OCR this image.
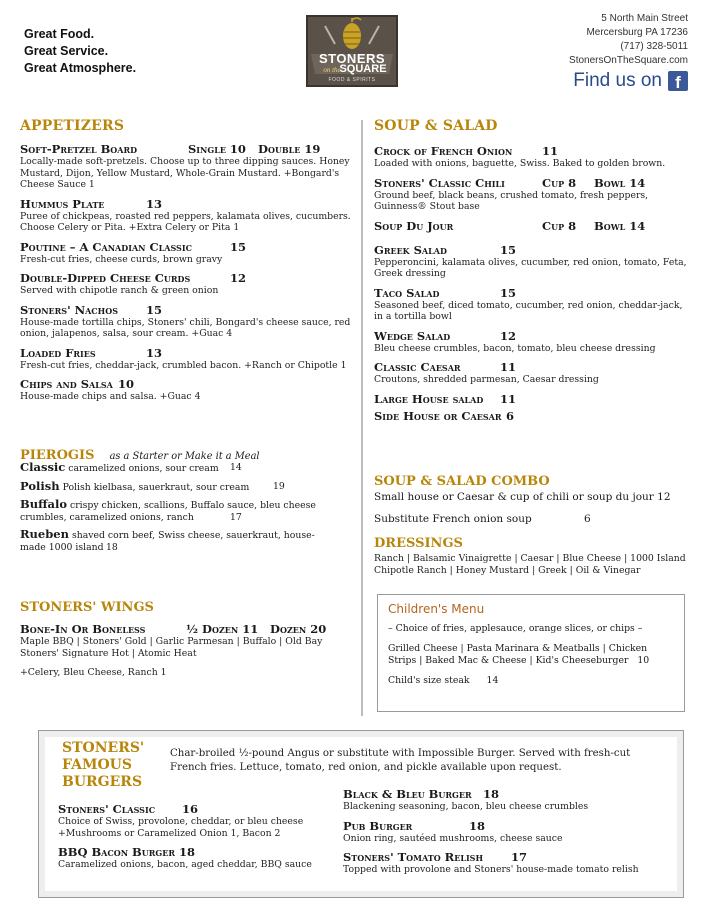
Great Food.
Great Service.
Great Atmosphere.
STONERS
on the
SQUARE
FOOD & SPIRITS
5 North Main Street
Mercersburg PA 17236
(717) 328-5011
StonersOnTheSquare.com
Find us on f
APPETIZERS
Soft-Pretzel Board	Single 10 Double 19
Locally-made soft-pretzels. Choose up to three dipping sauces. Honey Mustard, Dijon, Yellow Mustard, Whole-Grain Mustard. +Bongard's Cheese Sauce 1
Hummus Plate	13
Puree of chickpeas, roasted red peppers, kalamata olives, cucumbers. Choose Celery or Pita. +Extra Celery or Pita 1
Poutine – A Canadian Classic	15
Fresh-cut fries, cheese curds, brown gravy
Double-Dipped Cheese Curds	12
Served with chipotle ranch & green onion
Stoners' Nachos 15
House-made tortilla chips, Stoners' chili, Bongard's cheese sauce, red onion, jalapenos, salsa, sour cream. +Guac 4
Loaded Fries	13
Fresh-cut fries, cheddar-jack, crumbled bacon. +Ranch or Chipotle 1
Chips and Salsa 10
House-made chips and salsa. +Guac 4
PIEROGIS as a Starter or Make it a Meal
Classic caramelized onions, sour cream 14
Polish Polish kielbasa, sauerkraut, sour cream	19
Buffalo crispy chicken, scallions, Buffalo sauce, bleu cheese crumbles, caramelized onions, ranch	17
Rueben shaved corn beef, Swiss cheese, sauerkraut, house-made 1000 island 18
STONERS' WINGS
Bone-In Or Boneless	½ Dozen 11 Dozen 20
Maple BBQ | Stoners' Gold | Garlic Parmesan | Buffalo | Old Bay Stoners' Signature Hot | Atomic Heat
+Celery, Bleu Cheese, Ranch 1
SOUP & SALAD
Crock of French Onion	11
Loaded with onions, baguette, Swiss. Baked to golden brown.
Stoners' Classic Chili	Cup 8 Bowl 14
Ground beef, black beans, crushed tomato, fresh peppers, Guinness® Stout base
Soup Du Jour	Cup 8 Bowl 14
Greek Salad	15
Pepperoncini, kalamata olives, cucumber, red onion, tomato, Feta, Greek dressing
Taco Salad	15
Seasoned beef, diced tomato, cucumber, red onion, cheddar-jack, in a tortilla bowl
Wedge Salad	12
Bleu cheese crumbles, bacon, tomato, bleu cheese dressing
Classic Caesar	11
Croutons, shredded parmesan, Caesar dressing
Large House salad 11
Side House or Caesar 6
SOUP & SALAD COMBO
Small house or Caesar & cup of chili or soup du jour 12
Substitute French onion soup	6
DRESSINGS
Ranch | Balsamic Vinaigrette | Caesar | Blue Cheese | 1000 Island Chipotle Ranch | Honey Mustard | Greek | Oil & Vinegar
Children's Menu
– Choice of fries, applesauce, orange slices, or chips –
Grilled Cheese | Pasta Marinara & Meatballs | Chicken Strips | Baked Mac & Cheese | Kid's Cheeseburger 10
Child's size steak 14
STONERS'
FAMOUS
BURGERS
Char-broiled ½-pound Angus or substitute with Impossible Burger. Served with fresh-cut French fries. Lettuce, tomato, red onion, and pickle available upon request.
Stoners' Classic 16
Choice of Swiss, provolone, cheddar, or bleu cheese +Mushrooms or Caramelized Onion 1, Bacon 2
BBQ Bacon Burger 18
Caramelized onions, bacon, aged cheddar, BBQ sauce
Black & Bleu Burger 18
Blackening seasoning, bacon, bleu cheese crumbles
Pub Burger	18
Onion ring, sautéed mushrooms, cheese sauce
Stoners' Tomato Relish 17
Topped with provolone and Stoners' house-made tomato relish
